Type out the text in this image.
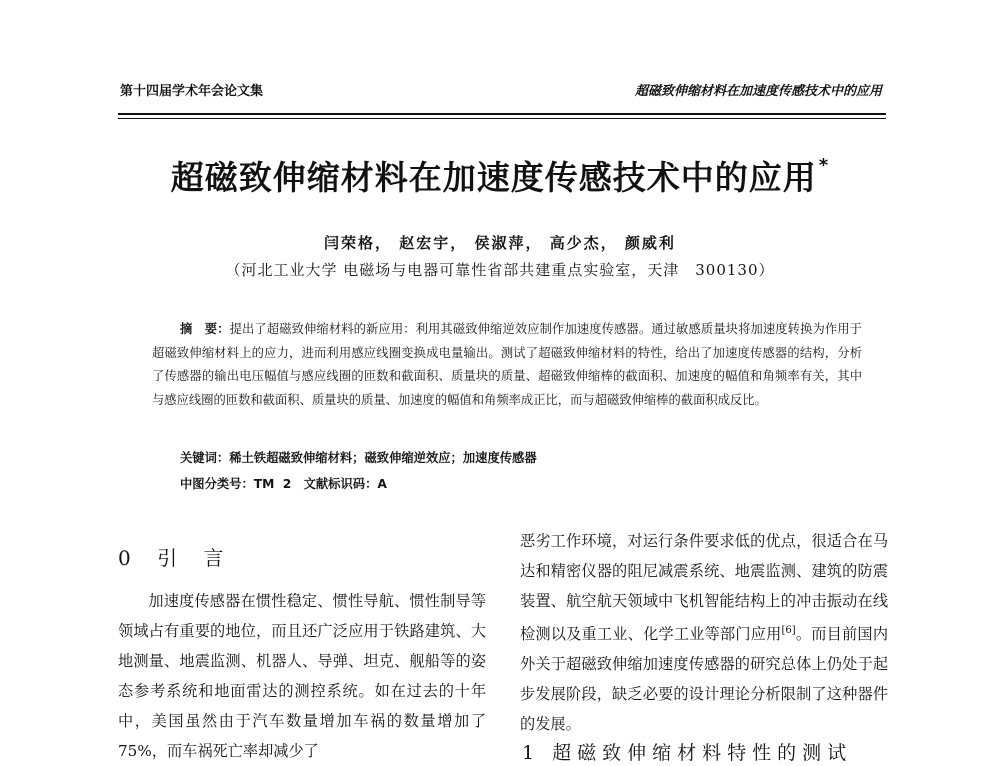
第十四届学术年会论文集	超磁致伸缩材料在加速度传感技术中的应用
超磁致伸缩材料在加速度传感技术中的应用 *
闫荣格， 赵宏宇， 侯淑萍， 高少杰， 颜威利
（河北工业大学 电磁场与电器可靠性省部共建重点实验室，天津　300130）
摘　要：提出了超磁致伸缩材料的新应用：利用其磁致伸缩逆效应制作加速度传感器。通过敏感质量块将加速度转换为作用于超磁致伸缩材料上的应力，进而利用感应线圈变换成电量输出。测试了超磁致伸缩材料的特性，给出了加速度传感器的结构，分析了传感器的输出电压幅值与感应线圈的匝数和截面积、质量块的质量、超磁致伸缩棒的截面积、加速度的幅值和角频率有关，其中与感应线圈的匝数和截面积、质量块的质量、加速度的幅值和角频率成正比，而与超磁致伸缩棒的截面积成反比。
关键词：稀土铁超磁致伸缩材料；磁致伸缩逆效应；加速度传感器
中图分类号：TM 2　 文献标识码：A
0 引 言
加速度传感器在惯性稳定、惯性导航、惯性制导等领域占有重要的地位，而且还广泛应用于铁路建筑、大地测量、地震监测、机器人、导弹、坦克、舰船等的姿态参考系统和地面雷达的测控系统。如在过去的十年中，美国虽然由于汽车数量增加车祸的数量增加了 75%，而车祸死亡率却减少了
恶劣工作环境，对运行条件要求低的优点，很适合在马达和精密仪器的阻尼减震系统、地震监测、建筑的防震装置、航空航天领域中飞机智能结构上的冲击振动在线检测以及重工业、化学工业等部门应用[6]。而目前国内外关于超磁致伸缩加速度传感器的研究总体上仍处于起步发展阶段，缺乏必要的设计理论分析限制了这种器件的发展。
1 超磁致伸缩材料特性的测试
